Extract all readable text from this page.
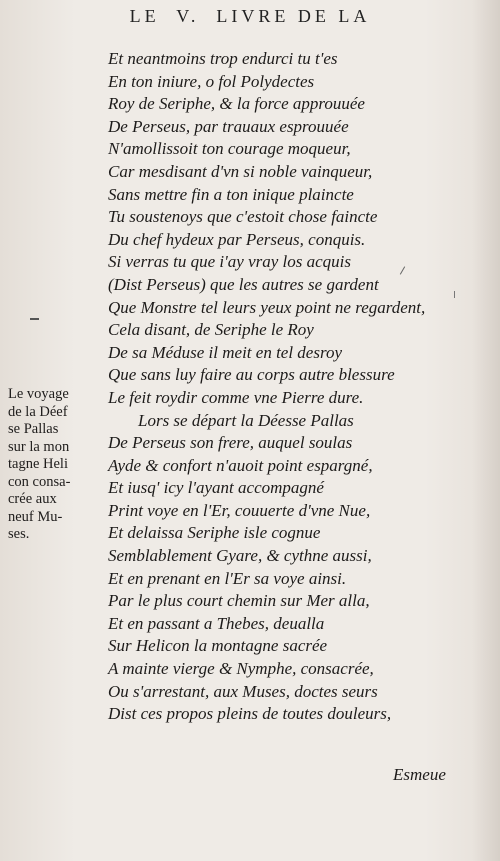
LE  V.  LIVRE DE LA
Et neantmoins trop endurci tu t'es
En ton iniure, o fol Polydectes
Roy de Seriphe, & la force approuuée
De Perseus, par trauaux esprouuée
N'amollissoit ton courage moqueur,
Car mesdisant d'vn si noble vainqueur,
Sans mettre fin a ton inique plaincte
Tu soustenoys que c'estoit chose faincte
Du chef hydeux par Perseus, conquis.
Si verras tu que i'ay vray los acquis
(Dist Perseus) que les autres se gardent
Que Monstre tel leurs yeux point ne regardent,
Cela disant, de Seriphe le Roy
De sa Méduse il meit en tel desroy
Que sans luy faire au corps autre blessure
Le feit roydir comme vne Pierre dure.
Lors se départ la Déesse Pallas
De Perseus son frere, auquel soulas
Ayde & confort n'auoit point espargné,
Et iusq' icy l'ayant accompagné
Print voye en l'Er, couuerte d'vne Nue,
Et delaissa Seriphe isle cognue
Semblablement Gyare, & cythne aussi,
Et en prenant en l'Er sa voye ainsi.
Par le plus court chemin sur Mer alla,
Et en passant a Thebes, deualla
Sur Helicon la montagne sacrée
A mainte vierge & Nymphe, consacrée,
Ou s'arrestant, aux Muses, doctes seurs
Dist ces propos pleins de toutes douleurs,
Le voyage
de la Déef
se Pallas
sur la mon
tagne Heli
con consa-
crée aux
neuf Mu-
ses.
Esmeue
